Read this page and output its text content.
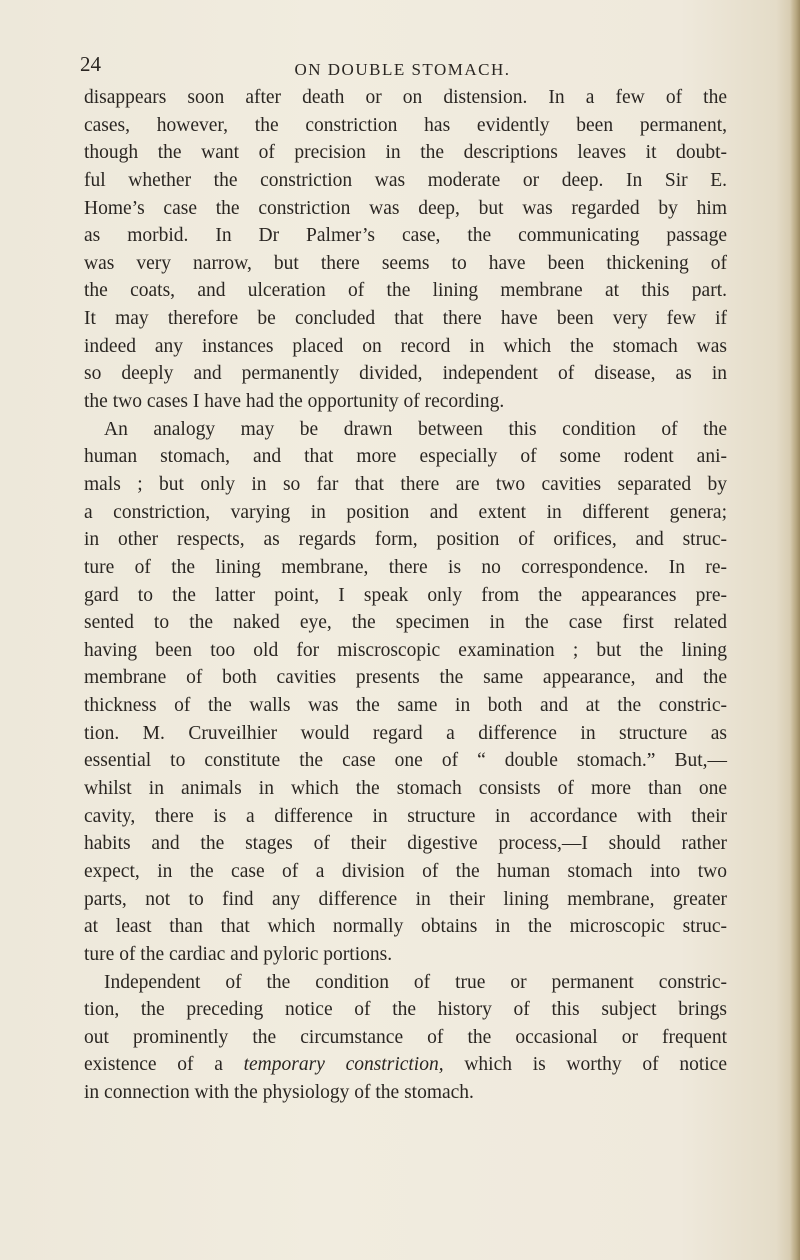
24	ON DOUBLE STOMACH.
disappears soon after death or on distension. In a few of the
cases, however, the constriction has evidently been permanent,
though the want of precision in the descriptions leaves it doubt-
ful whether the constriction was moderate or deep. In Sir E.
Home’s case the constriction was deep, but was regarded by him
as morbid. In Dr Palmer’s case, the communicating passage
was very narrow, but there seems to have been thickening of
the coats, and ulceration of the lining membrane at this part.
It may therefore be concluded that there have been very few if
indeed any instances placed on record in which the stomach was
so deeply and permanently divided, independent of disease, as in
the two cases I have had the opportunity of recording.
An analogy may be drawn between this condition of the
human stomach, and that more especially of some rodent ani-
mals ; but only in so far that there are two cavities separated by
a constriction, varying in position and extent in different genera;
in other respects, as regards form, position of orifices, and struc-
ture of the lining membrane, there is no correspondence. In re-
gard to the latter point, I speak only from the appearances pre-
sented to the naked eye, the specimen in the case first related
having been too old for miscroscopic examination ; but the lining
membrane of both cavities presents the same appearance, and the
thickness of the walls was the same in both and at the constric-
tion. M. Cruveilhier would regard a difference in structure as
essential to constitute the case one of “ double stomach.” But,—
whilst in animals in which the stomach consists of more than one
cavity, there is a difference in structure in accordance with their
habits and the stages of their digestive process,—I should rather
expect, in the case of a division of the human stomach into two
parts, not to find any difference in their lining membrane, greater
at least than that which normally obtains in the microscopic struc-
ture of the cardiac and pyloric portions.
Independent of the condition of true or permanent constric-
tion, the preceding notice of the history of this subject brings
out prominently the circumstance of the occasional or frequent
existence of a temporary constriction, which is worthy of notice
in connection with the physiology of the stomach.
